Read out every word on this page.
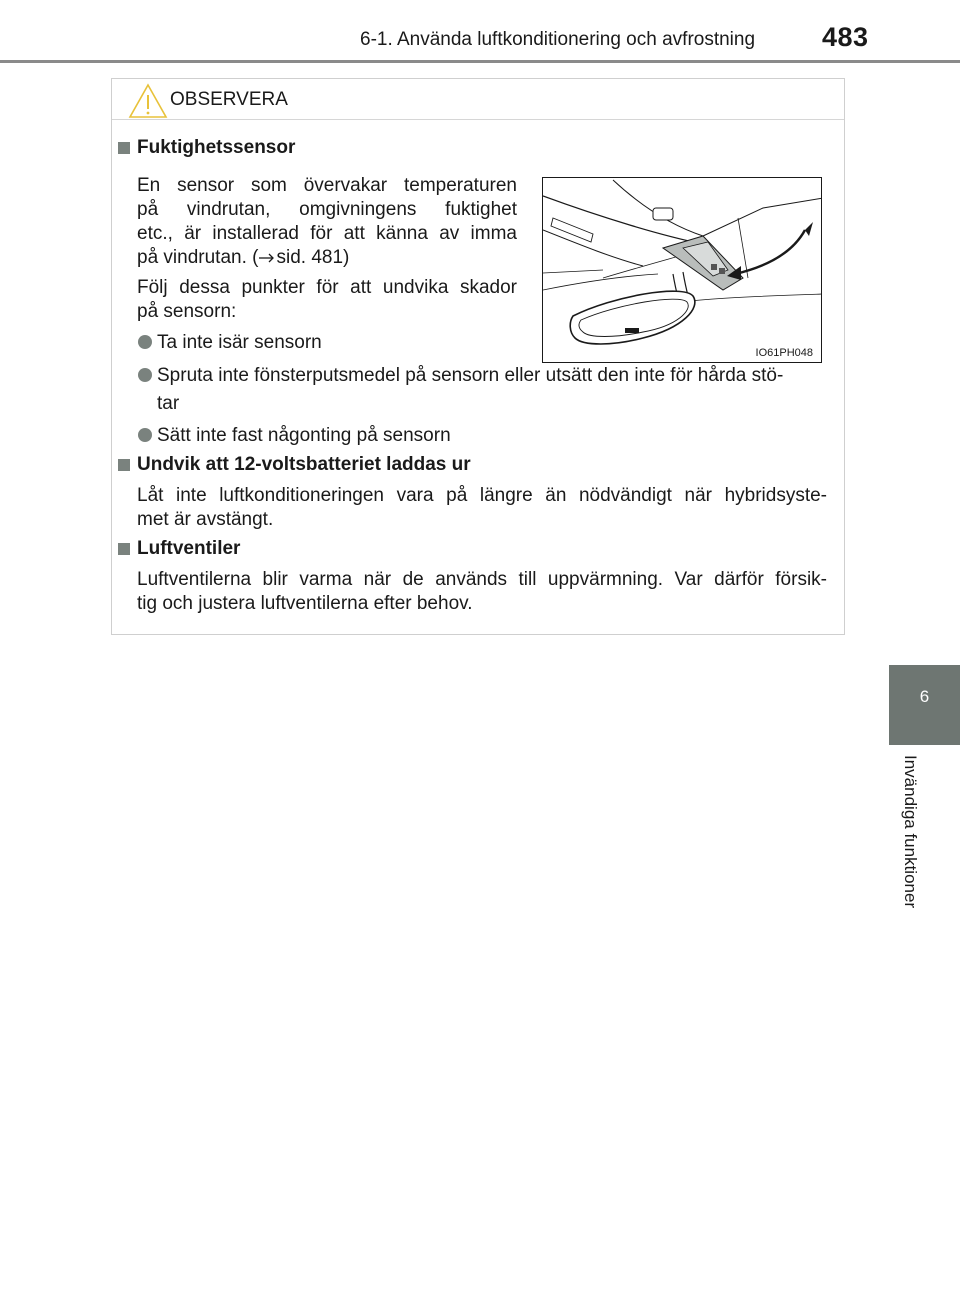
6-1. Använda luftkonditionering och avfrostning	483
6
Invändiga funktioner
OBSERVERA
Fuktighetssensor
En sensor som övervakar temperaturen
på vindrutan, omgivningens fuktighet
etc., är installerad för att känna av imma
på vindrutan. ( sid. 481)
Följ dessa punkter för att undvika skador
på sensorn:
Ta inte isär sensorn
Spruta inte fönsterputsmedel på sensorn eller utsätt den inte för hårda stö-
tar
Sätt inte fast någonting på sensorn
IO61PH048
Undvik att 12-voltsbatteriet laddas ur
Låt inte luftkonditioneringen vara på längre än nödvändigt när hybridsyste-
met är avstängt.
Luftventiler
Luftventilerna blir varma när de används till uppvärmning. Var därför försik-
tig och justera luftventilerna efter behov.
